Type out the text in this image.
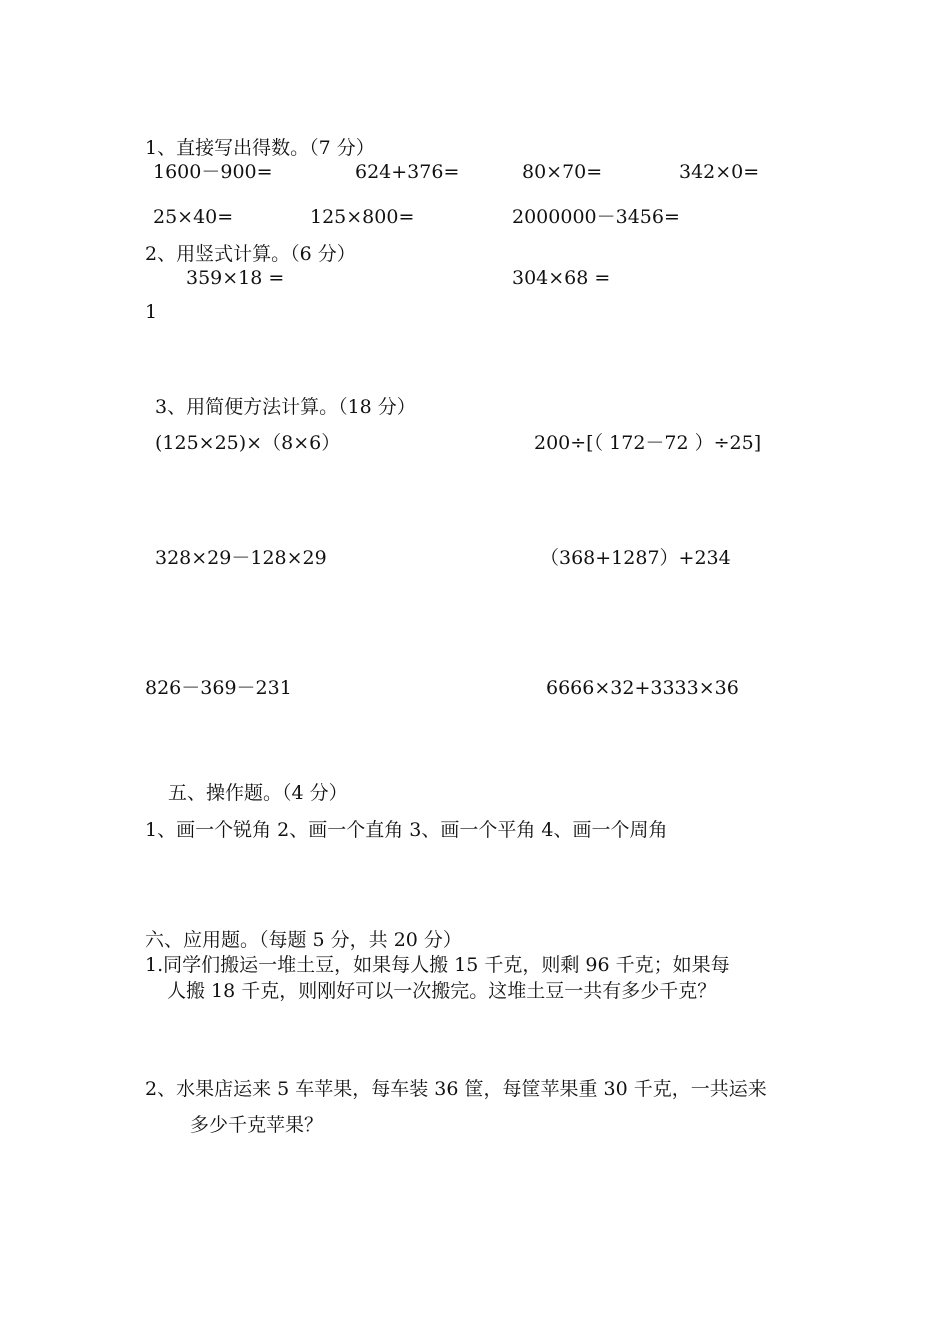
1、直接写出得数。（7 分）
1600－900=	624+376=	80×70=	342×0=
25×40=	125×800=	2000000－3456=
2、用竖式计算。（6 分）
359×18 =	304×68 =
1
3、用简便方法计算。（18 分）
(125×25)×（8×6）	200÷[（ 172－72 ）÷25]
328×29－128×29	（368+1287）+234
826－369－231	6666×32+3333×36
五、操作题。（4 分）
1、画一个锐角 2、画一个直角 3、画一个平角 4、画一个周角
六、应用题。（每题 5 分，共 20 分）
1.同学们搬运一堆土豆，如果每人搬 15 千克，则剩 96 千克；如果每
人搬 18 千克，则刚好可以一次搬完。这堆土豆一共有多少千克？
2、水果店运来 5 车苹果，每车装 36 筐，每筐苹果重 30 千克，一共运来
多少千克苹果？
